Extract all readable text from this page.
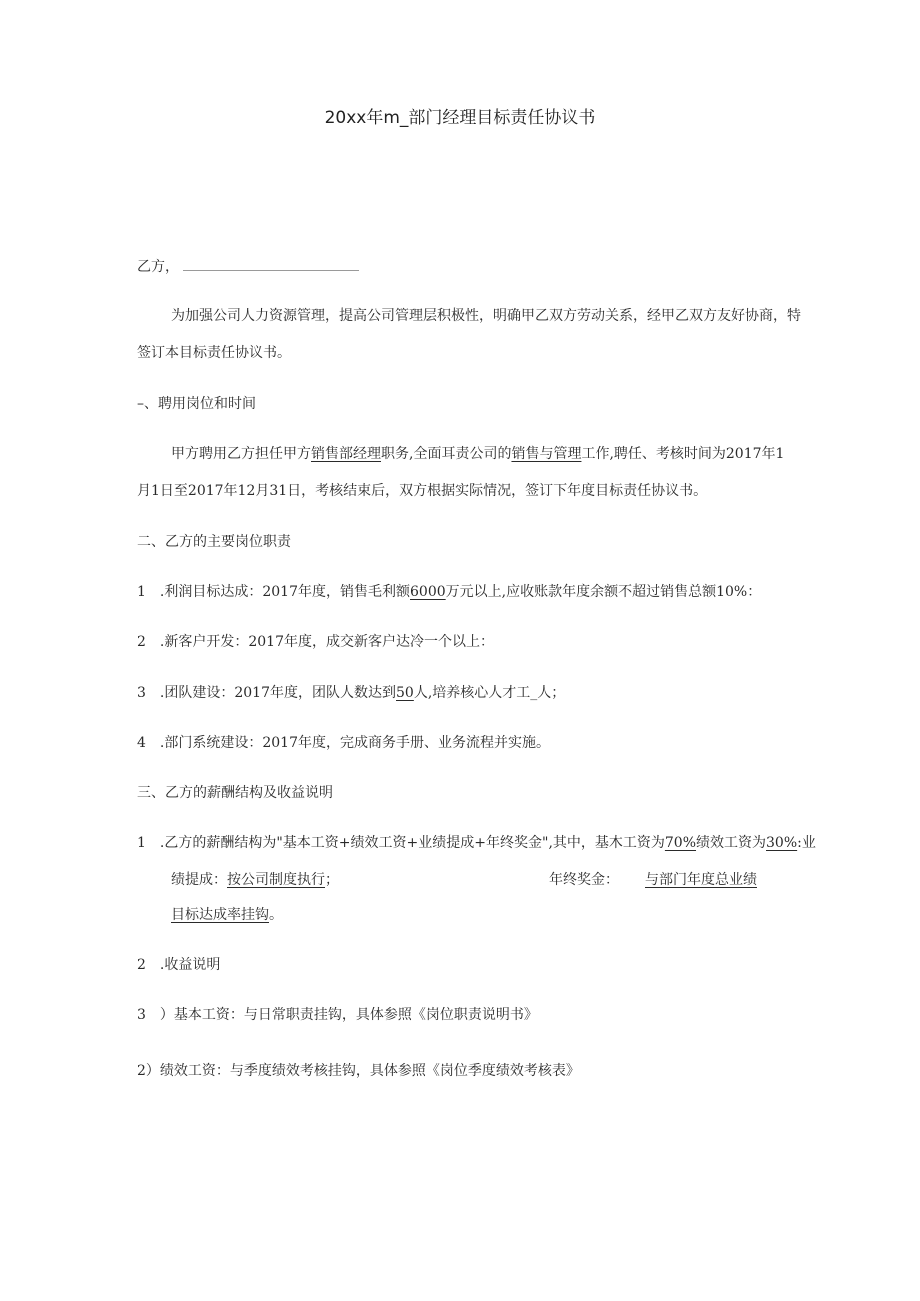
20xx年m_部门经理目标责任协议书
乙方，
为加强公司人力资源管理，提高公司管理层积极性，明确甲乙双方劳动关系，经甲乙双方友好协商，特
签订本目标责任协议书。
–、聘用岗位和时间
甲方聘用乙方担任甲方销售部经理职务,全面耳责公司的销售与管理工作,聘任、考核时间为2017年1
月1日至2017年12月31日，考核结束后，双方根据实际情况，签订下年度目标责任协议书。
二、乙方的主要岗位职责
1 .利润目标达成：2017年度，销售毛利额6000万元以上,应收账款年度余额不超过销售总额10%：
2 .新客户开发：2017年度，成交新客户达冷一个以上：
3 .团队建设：2017年度，团队人数达到50人,培养核心人才工_人；
4 .部门系统建设：2017年度，完成商务手册、业务流程并实施。
三、乙方的薪酬结构及收益说明
1 .乙方的薪酬结构为"基本工资+绩效工资+业绩提成+年终奖金",其中，基木工资为70%绩效工资为30%:业
绩提成：按公司制度执行；	年终奖金： 与部门年度总业绩
目标达成率挂钩。
2 .收益说明
3 ）基本工资：与日常职责挂钩，具体参照《岗位职责说明书》
2）绩效工资：与季度绩效考核挂钩，具体参照《岗位季度绩效考核表》
